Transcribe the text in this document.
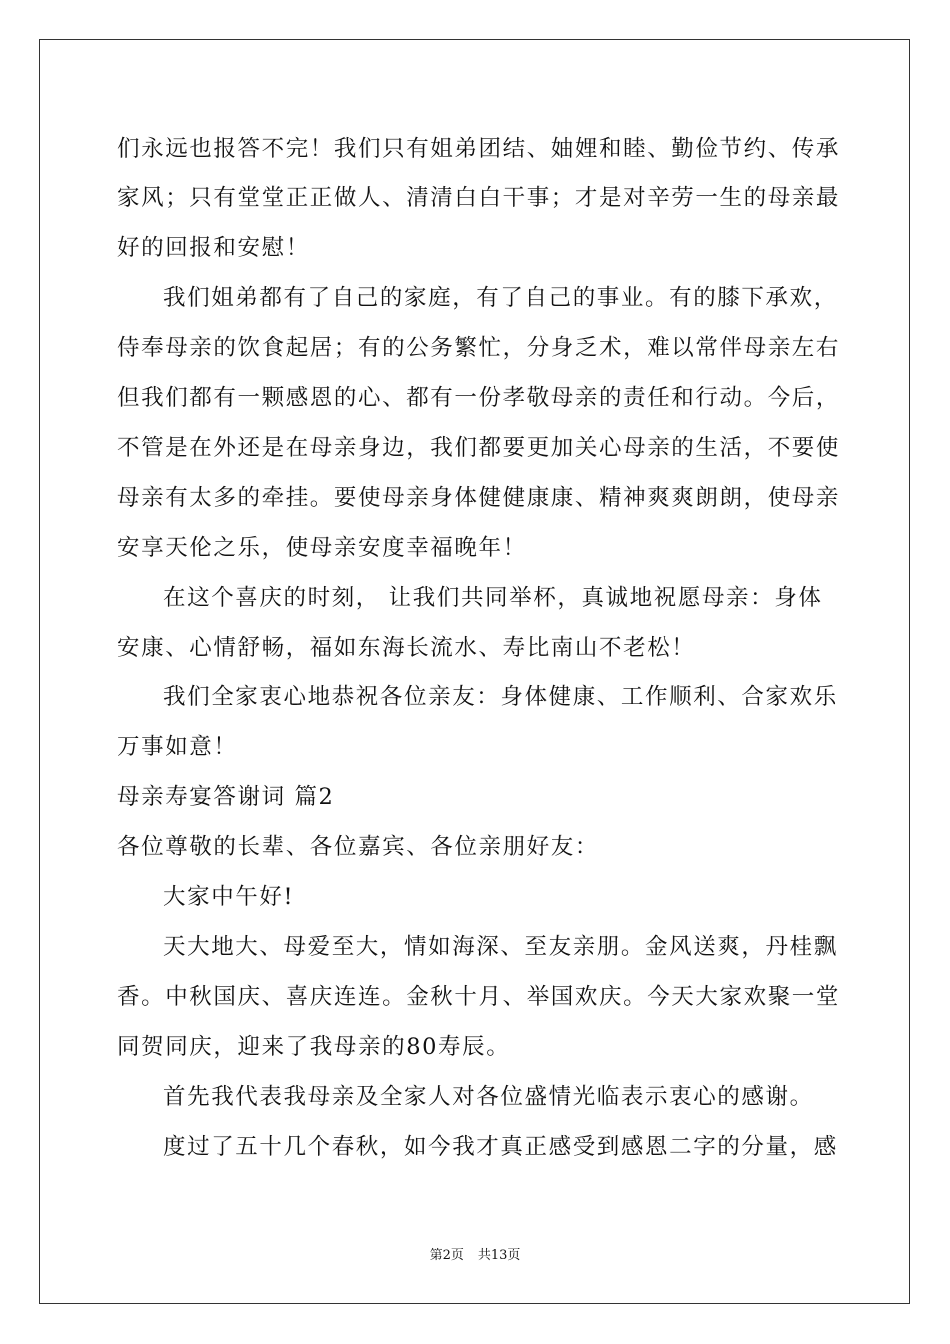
们永远也报答不完！我们只有姐弟团结、妯娌和睦、勤俭节约、传承
家风；只有堂堂正正做人、清清白白干事；才是对辛劳一生的母亲最
好的回报和安慰！
我们姐弟都有了自己的家庭，有了自己的事业。有的膝下承欢，
侍奉母亲的饮食起居；有的公务繁忙，分身乏术，难以常伴母亲左右
但我们都有一颗感恩的心、都有一份孝敬母亲的责任和行动。今后，
不管是在外还是在母亲身边，我们都要更加关心母亲的生活，不要使
母亲有太多的牵挂。要使母亲身体健健康康、精神爽爽朗朗，使母亲
安享天伦之乐，使母亲安度幸福晚年！
在这个喜庆的时刻， 让我们共同举杯，真诚地祝愿母亲：身体
安康、心情舒畅，福如东海长流水、寿比南山不老松！
我们全家衷心地恭祝各位亲友：身体健康、工作顺利、合家欢乐
万事如意！
母亲寿宴答谢词 篇2
各位尊敬的长辈、各位嘉宾、各位亲朋好友：
大家中午好!
天大地大、母爱至大，情如海深、至友亲朋。金风送爽，丹桂飘
香。中秋国庆、喜庆连连。金秋十月、举国欢庆。今天大家欢聚一堂
同贺同庆，迎来了我母亲的80寿辰。
首先我代表我母亲及全家人对各位盛情光临表示衷心的感谢。
度过了五十几个春秋，如今我才真正感受到感恩二字的分量，感
第2页 共13页
